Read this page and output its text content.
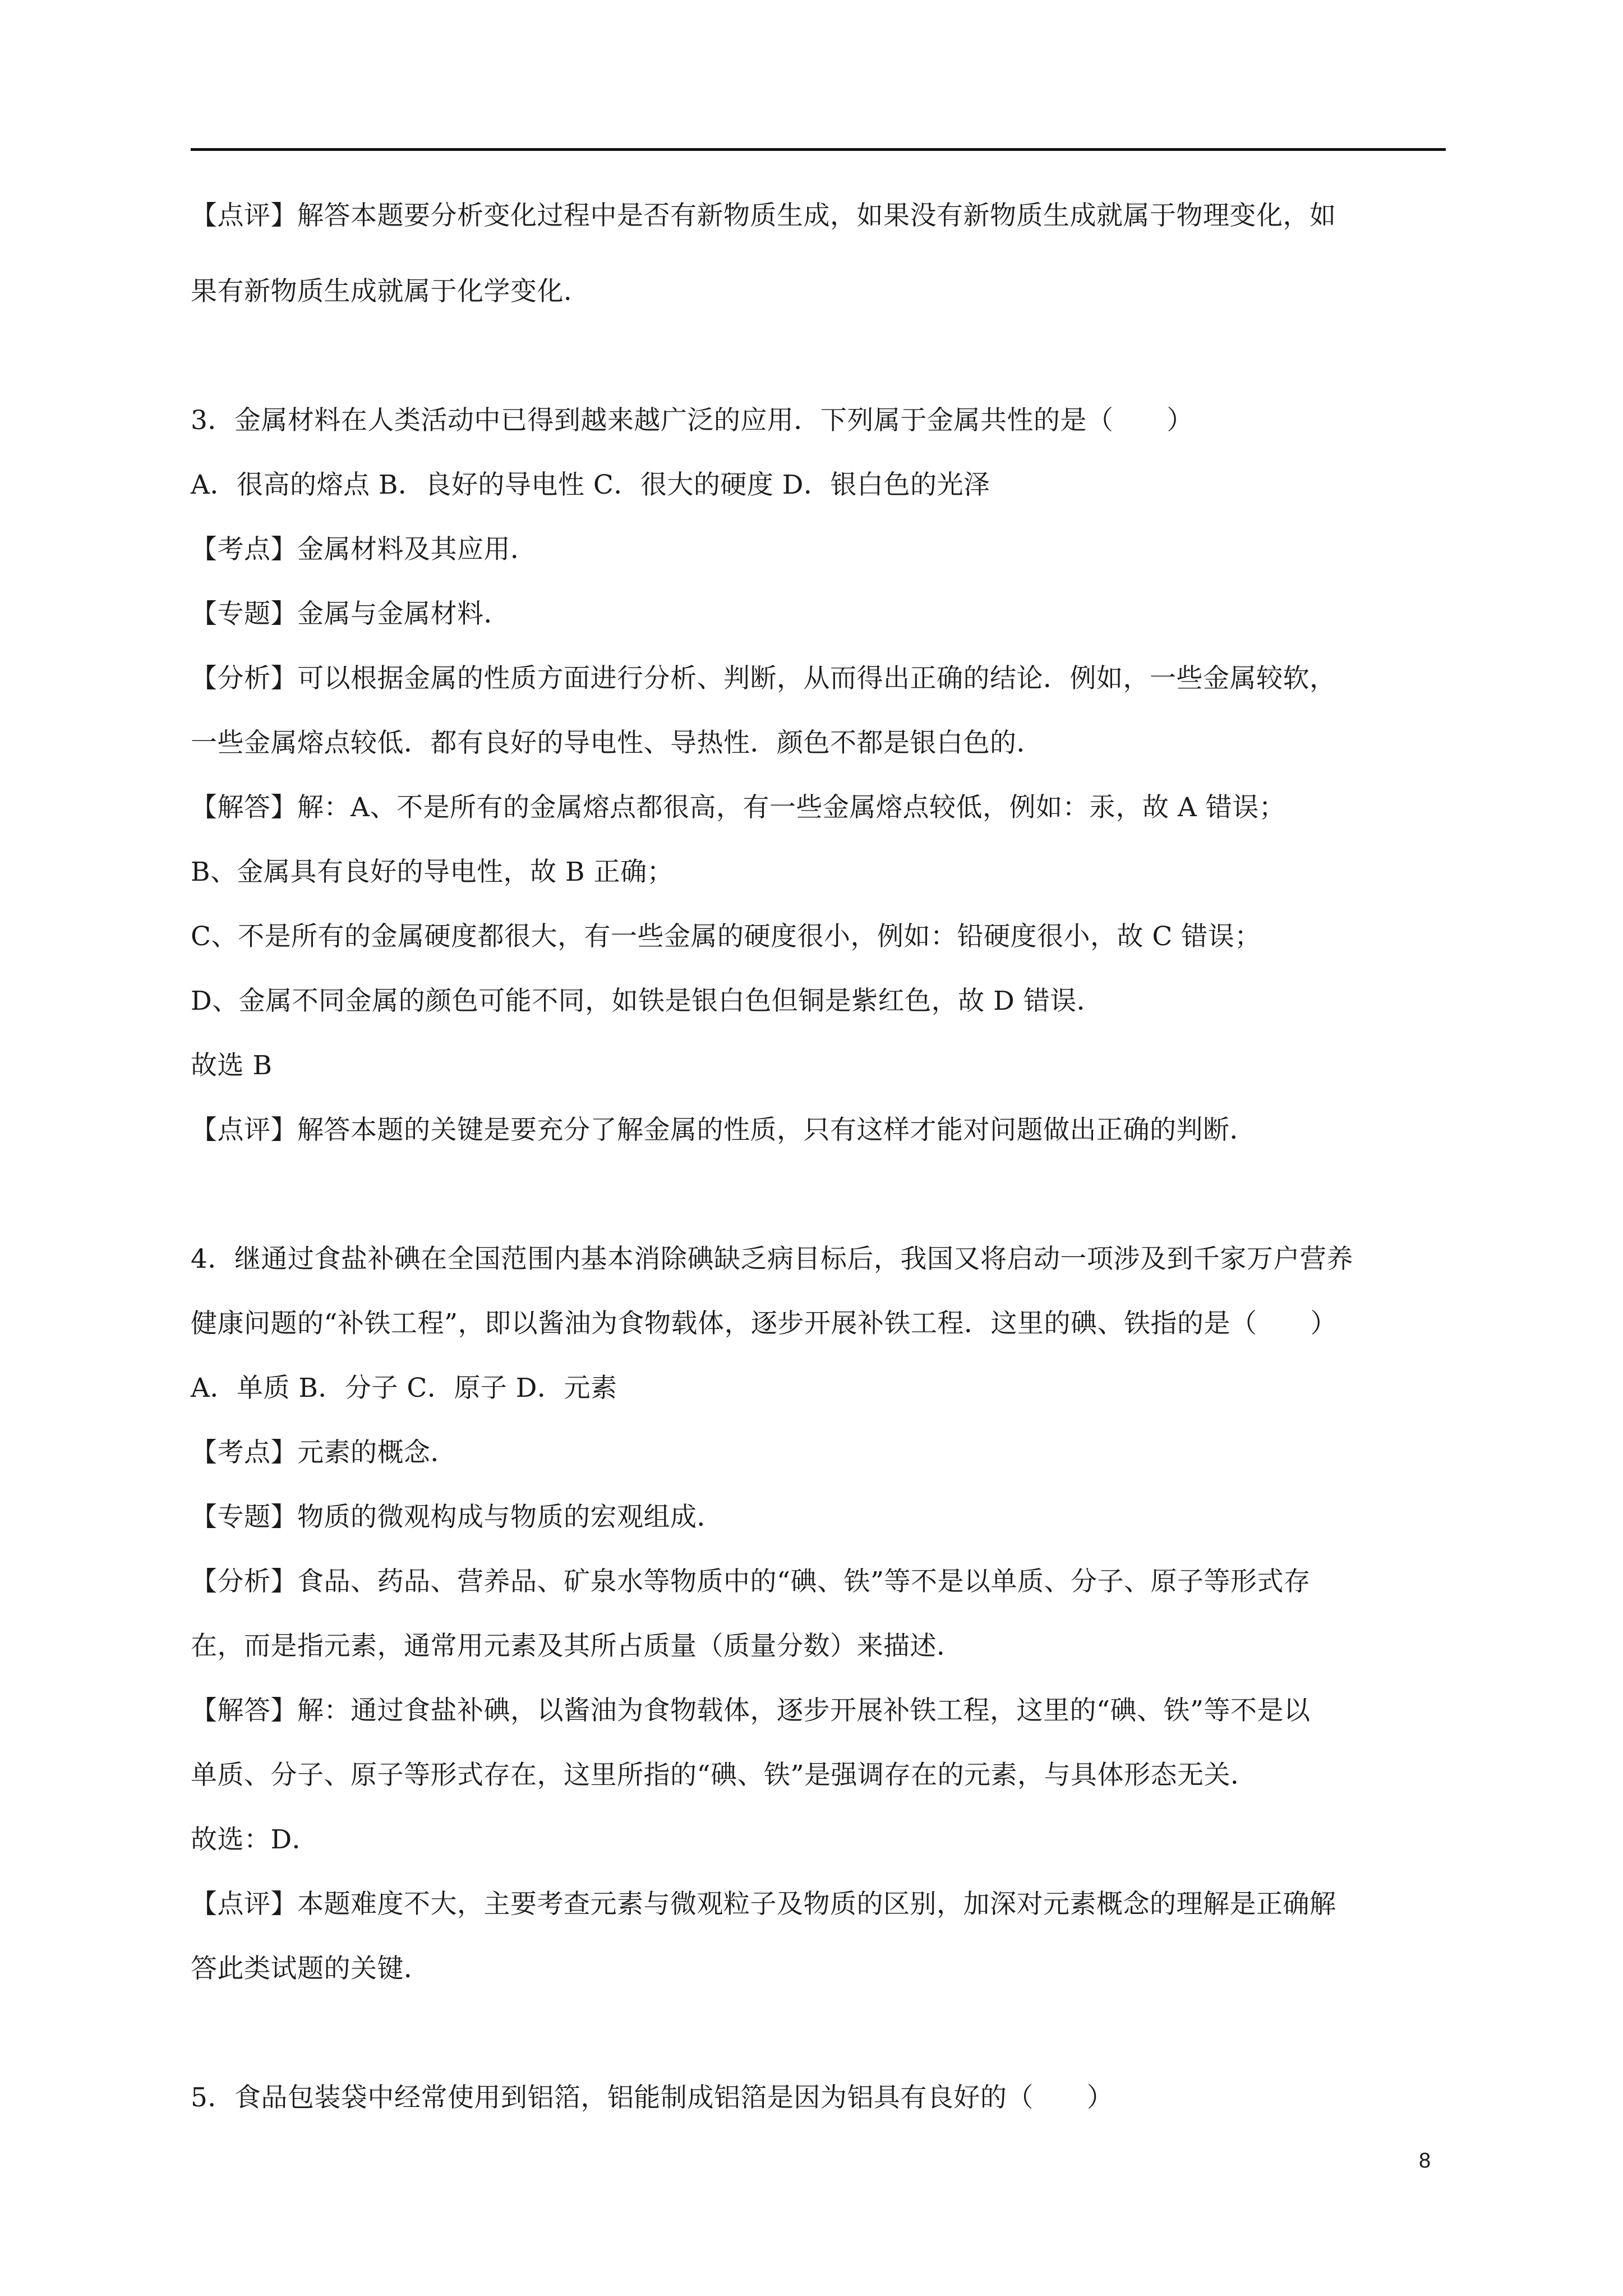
【点评】解答本题要分析变化过程中是否有新物质生成，如果没有新物质生成就属于物理变化，如
果有新物质生成就属于化学变化．
3．金属材料在人类活动中已得到越来越广泛的应用．下列属于金属共性的是（　　）
A．很高的熔点 B．良好的导电性 C．很大的硬度 D．银白色的光泽
【考点】金属材料及其应用．
【专题】金属与金属材料．
【分析】可以根据金属的性质方面进行分析、判断，从而得出正确的结论．例如，一些金属较软，
一些金属熔点较低．都有良好的导电性、导热性．颜色不都是银白色的．
【解答】解：A、不是所有的金属熔点都很高，有一些金属熔点较低，例如：汞，故 A 错误；
B、金属具有良好的导电性，故 B 正确；
C、不是所有的金属硬度都很大，有一些金属的硬度很小，例如：铅硬度很小，故 C 错误；
D、金属不同金属的颜色可能不同，如铁是银白色但铜是紫红色，故 D 错误．
故选 B
【点评】解答本题的关键是要充分了解金属的性质，只有这样才能对问题做出正确的判断．
4．继通过食盐补碘在全国范围内基本消除碘缺乏病目标后，我国又将启动一项涉及到千家万户营养
健康问题的“补铁工程”，即以酱油为食物载体，逐步开展补铁工程．这里的碘、铁指的是（　　）
A．单质 B．分子 C．原子 D．元素
【考点】元素的概念．
【专题】物质的微观构成与物质的宏观组成．
【分析】食品、药品、营养品、矿泉水等物质中的“碘、铁”等不是以单质、分子、原子等形式存
在，而是指元素，通常用元素及其所占质量（质量分数）来描述．
【解答】解：通过食盐补碘，以酱油为食物载体，逐步开展补铁工程，这里的“碘、铁”等不是以
单质、分子、原子等形式存在，这里所指的“碘、铁”是强调存在的元素，与具体形态无关．
故选：D．
【点评】本题难度不大，主要考查元素与微观粒子及物质的区别，加深对元素概念的理解是正确解
答此类试题的关键．
5．食品包装袋中经常使用到铝箔，铝能制成铝箔是因为铝具有良好的（　　）
8
